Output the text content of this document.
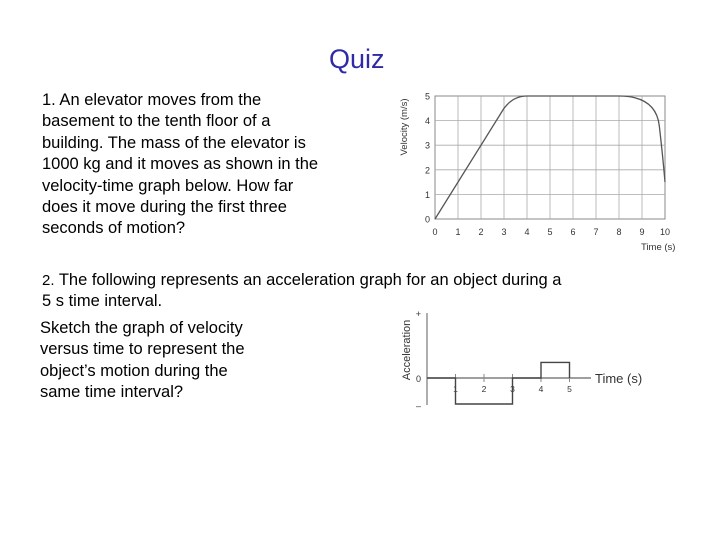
Quiz
1. An elevator moves from the basement to the tenth floor of a building. The mass of the elevator is 1000 kg and it moves as shown in the velocity-time graph below. How far does it move during the first three seconds of motion?
2. The following represents an acceleration graph for an object during a 5 s time interval.
Sketch the graph of velocity versus time to represent the object’s motion during the same time interval?
0
1
2
3
4
5
0 1 2 3 4 5 6 7 8 9 10
Velocity (m/s)
Time (s)
Acceleration
+
0
–
1	2	3	4	5
Time (s)
